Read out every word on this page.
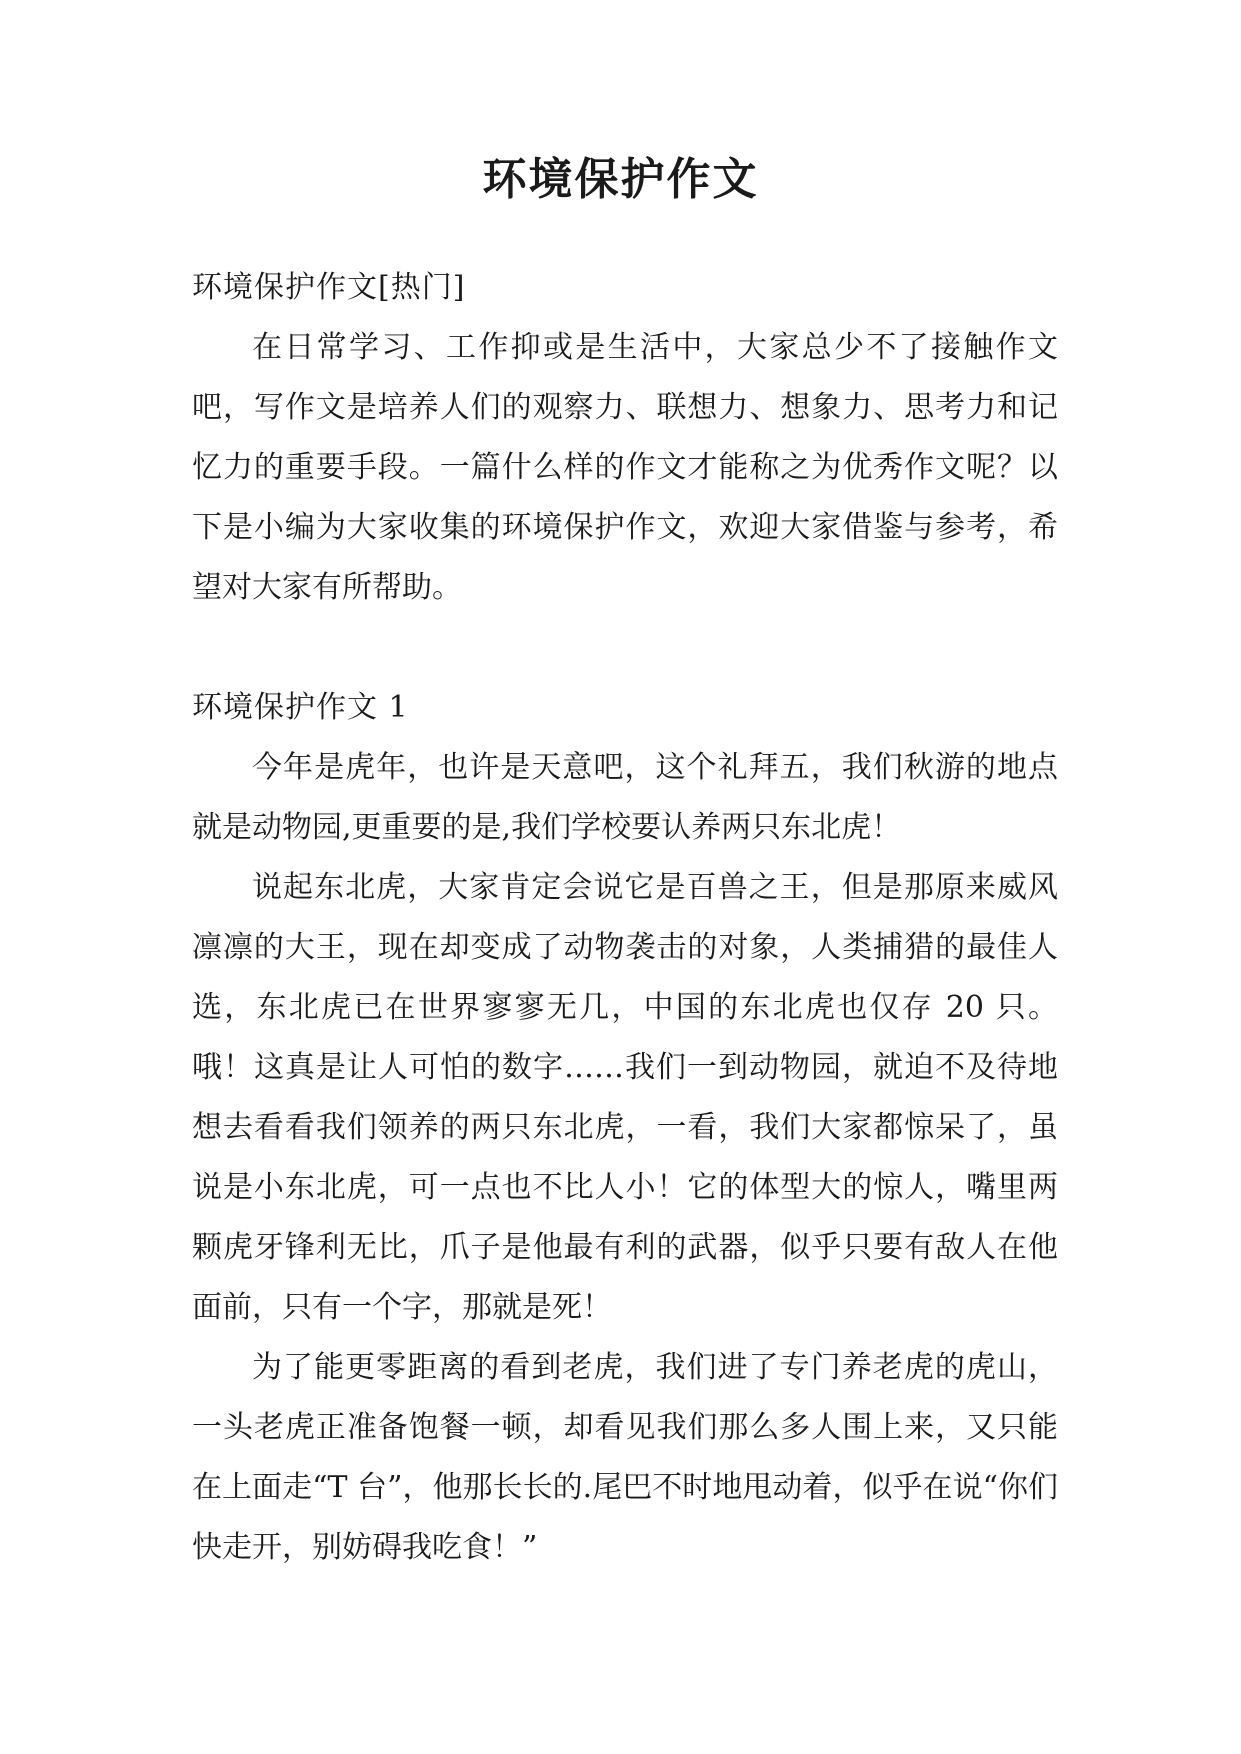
环境保护作文

环境保护作文[热门]

在日常学习、工作抑或是生活中，大家总少不了接触作文吧，写作文是培养人们的观察力、联想力、想象力、思考力和记忆力的重要手段。一篇什么样的作文才能称之为优秀作文呢？以下是小编为大家收集的环境保护作文，欢迎大家借鉴与参考，希望对大家有所帮助。

环境保护作文 1

今年是虎年，也许是天意吧，这个礼拜五，我们秋游的地点就是动物园,更重要的是,我们学校要认养两只东北虎！

说起东北虎，大家肯定会说它是百兽之王，但是那原来威风凛凛的大王，现在却变成了动物袭击的对象，人类捕猎的最佳人选，东北虎已在世界寥寥无几，中国的东北虎也仅存 20 只。哦！这真是让人可怕的数字……我们一到动物园，就迫不及待地想去看看我们领养的两只东北虎，一看，我们大家都惊呆了，虽说是小东北虎，可一点也不比人小！它的体型大的惊人，嘴里两颗虎牙锋利无比，爪子是他最有利的武器，似乎只要有敌人在他面前，只有一个字，那就是死！

为了能更零距离的看到老虎，我们进了专门养老虎的虎山，一头老虎正准备饱餐一顿，却看见我们那么多人围上来，又只能在上面走“T 台”，他那长长的.尾巴不时地甩动着，似乎在说“你们快走开，别妨碍我吃食！”
